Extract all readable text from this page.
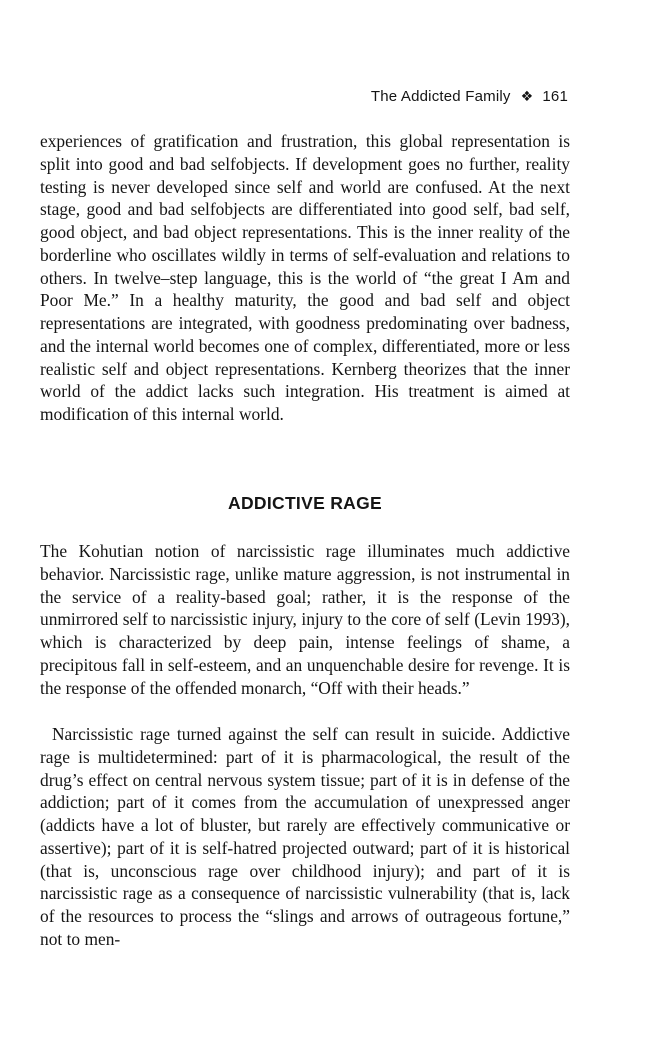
The Addicted Family ❖ 161

experiences of gratification and frustration, this global representation is split into good and bad selfobjects. If development goes no further, reality testing is never developed since self and world are confused. At the next stage, good and bad selfobjects are differentiated into good self, bad self, good object, and bad object representations. This is the inner reality of the borderline who oscillates wildly in terms of self-evaluation and relations to others. In twelve–step language, this is the world of “the great I Am and Poor Me.” In a healthy maturity, the good and bad self and object representations are integrated, with goodness predominating over badness, and the internal world becomes one of complex, differentiated, more or less realistic self and object representations. Kernberg theorizes that the inner world of the addict lacks such integration. His treatment is aimed at modification of this internal world.

ADDICTIVE RAGE

The Kohutian notion of narcissistic rage illuminates much addictive behavior. Narcissistic rage, unlike mature aggression, is not instrumental in the service of a reality-based goal; rather, it is the response of the unmirrored self to narcissistic injury, injury to the core of self (Levin 1993), which is characterized by deep pain, intense feelings of shame, a precipitous fall in self-esteem, and an unquenchable desire for revenge. It is the response of the offended monarch, “Off with their heads.”

Narcissistic rage turned against the self can result in suicide. Addictive rage is multidetermined: part of it is pharmacological, the result of the drug’s effect on central nervous system tissue; part of it is in defense of the addiction; part of it comes from the accumulation of unexpressed anger (addicts have a lot of bluster, but rarely are effectively communicative or assertive); part of it is self-hatred projected outward; part of it is historical (that is, unconscious rage over childhood injury); and part of it is narcissistic rage as a consequence of narcissistic vulnerability (that is, lack of the resources to process the “slings and arrows of outrageous fortune,” not to men-
